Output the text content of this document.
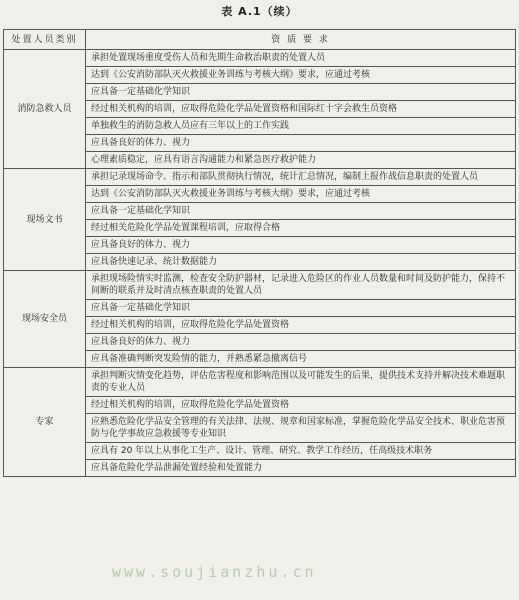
表 A.1（续）
处置人员类别	资 质 要 求
消防急救人员	承担处置现场重度受伤人员和先期生命救治职责的处置人员
	达到《公安消防部队灭火救援业务训练与考核大纲》要求，应通过考核
	应具备一定基础化学知识
	经过相关机构的培训，应取得危险化学品处置资格和国际红十字会救生员资格
	单独救生的消防急救人员应有三年以上的工作实践
	应具备良好的体力、视力
	心理素质稳定，应具有语言沟通能力和紧急医疗救护能力
现场文书	承担记录现场命令、指示和部队贯彻执行情况，统计汇总情况，编制上报作战信息职责的处置人员
	达到《公安消防部队灭火救援业务训练与考核大纲》要求，应通过考核
	应具备一定基础化学知识
	经过相关危险化学品处置课程培训，应取得合格
	应具备良好的体力、视力
	应具备快速记录、统计数据能力
现场安全员	承担现场险情实时监测，检查安全防护器材，记录进入危险区的作业人员数量和时间及防护能力，保持不间断的联系并及时清点核查职责的处置人员
	应具备一定基础化学知识
	经过相关机构的培训，应取得危险化学品处置资格
	应具备良好的体力、视力
	应具备准确判断突发险情的能力，并熟悉紧急撤离信号
专家	承担判断灾情变化趋势，评估危害程度和影响范围以及可能发生的后果，提供技术支持并解决技术难题职责的专业人员
	经过相关机构的培训，应取得危险化学品处置资格
	应熟悉危险化学品安全管理的有关法律、法规、规章和国家标准，掌握危险化学品安全技术、职业危害预防与化学事故应急救援等专业知识
	应具有 20 年以上从事化工生产、设计、管理、研究、教学工作经历，任高级技术职务
	应具备危险化学品泄漏处置经验和处置能力
www.soujianzhu.cn
